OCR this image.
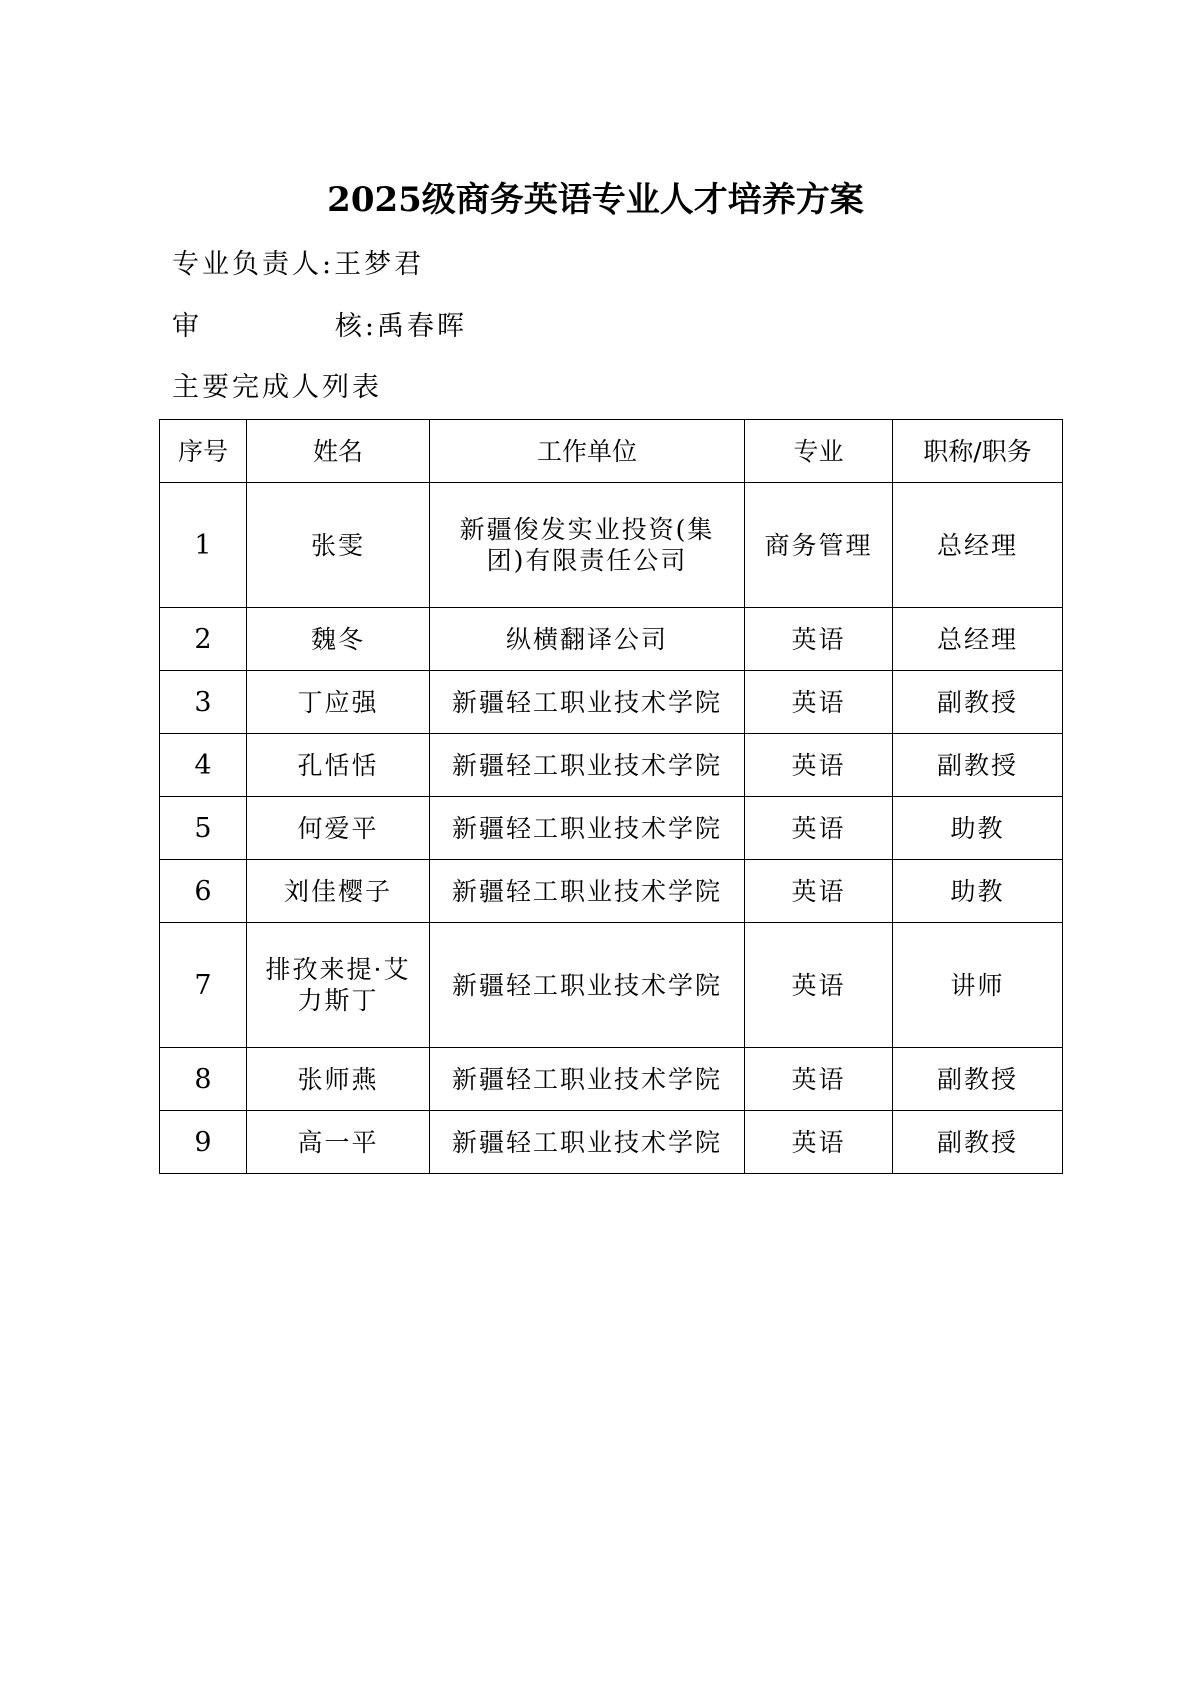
2025级商务英语专业人才培养方案

专业负责人:王梦君

审	核: 禹春晖

主要完成人列表

序号	姓名	工作单位	专业	职称/职务
1	张雯	新疆俊发实业投资(集团)有限责任公司	商务管理	总经理
2	魏冬	纵横翻译公司	英语	总经理
3	丁应强	新疆轻工职业技术学院	英语	副教授
4	孔恬恬	新疆轻工职业技术学院	英语	副教授
5	何爱平	新疆轻工职业技术学院	英语	助教
6	刘佳樱子	新疆轻工职业技术学院	英语	助教
7	排孜来提·艾力斯丁	新疆轻工职业技术学院	英语	讲师
8	张师燕	新疆轻工职业技术学院	英语	副教授
9	高一平	新疆轻工职业技术学院	英语	副教授
